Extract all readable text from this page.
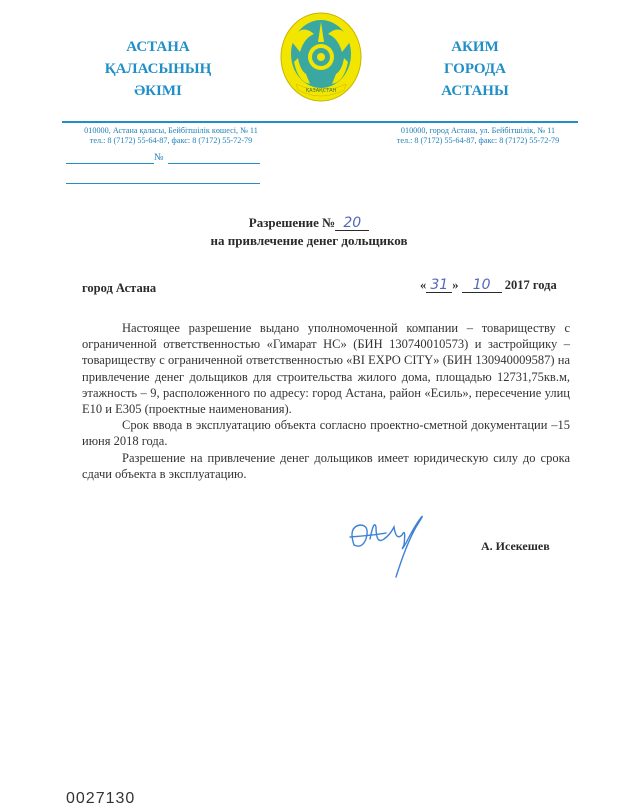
АСТАНА
ҚАЛАСЫНЫҢ
ӘКІМІ	ҚАЗАҚСТАН
АКИМ
ГОРОДА
АСТАНЫ
010000, Астана қаласы, Бейбітшілік көшесі, № 11
тел.: 8 (7172) 55-64-87, факс: 8 (7172) 55-72-79
010000, город Астана, ул. Бейбітшілік, № 11
тел.: 8 (7172) 55-64-87, факс: 8 (7172) 55-72-79
№
Разрешение № 20
на привлечение денег дольщиков
город Астана	« 31 » 10 2017 года

Настоящее разрешение выдано уполномоченной компании – товариществу с ограниченной ответственностью «Гимарат НС» (БИН 130740010573) и застройщику – товариществу с ограниченной ответственностью «BI EXPO CITY» (БИН 130940009587) на привлечение денег дольщиков для строительства жилого дома, площадью 12731,75кв.м, этажность – 9, расположенного по адресу: город Астана, район «Есиль», пересечение улиц Е10 и Е305 (проектные наименования).

Срок ввода в эксплуатацию объекта согласно проектно-сметной документации –15 июня 2018 года.

Разрешение на привлечение денег дольщиков имеет юридическую силу до срока сдачи объекта в эксплуатацию.

А. Исекешев
0027130
